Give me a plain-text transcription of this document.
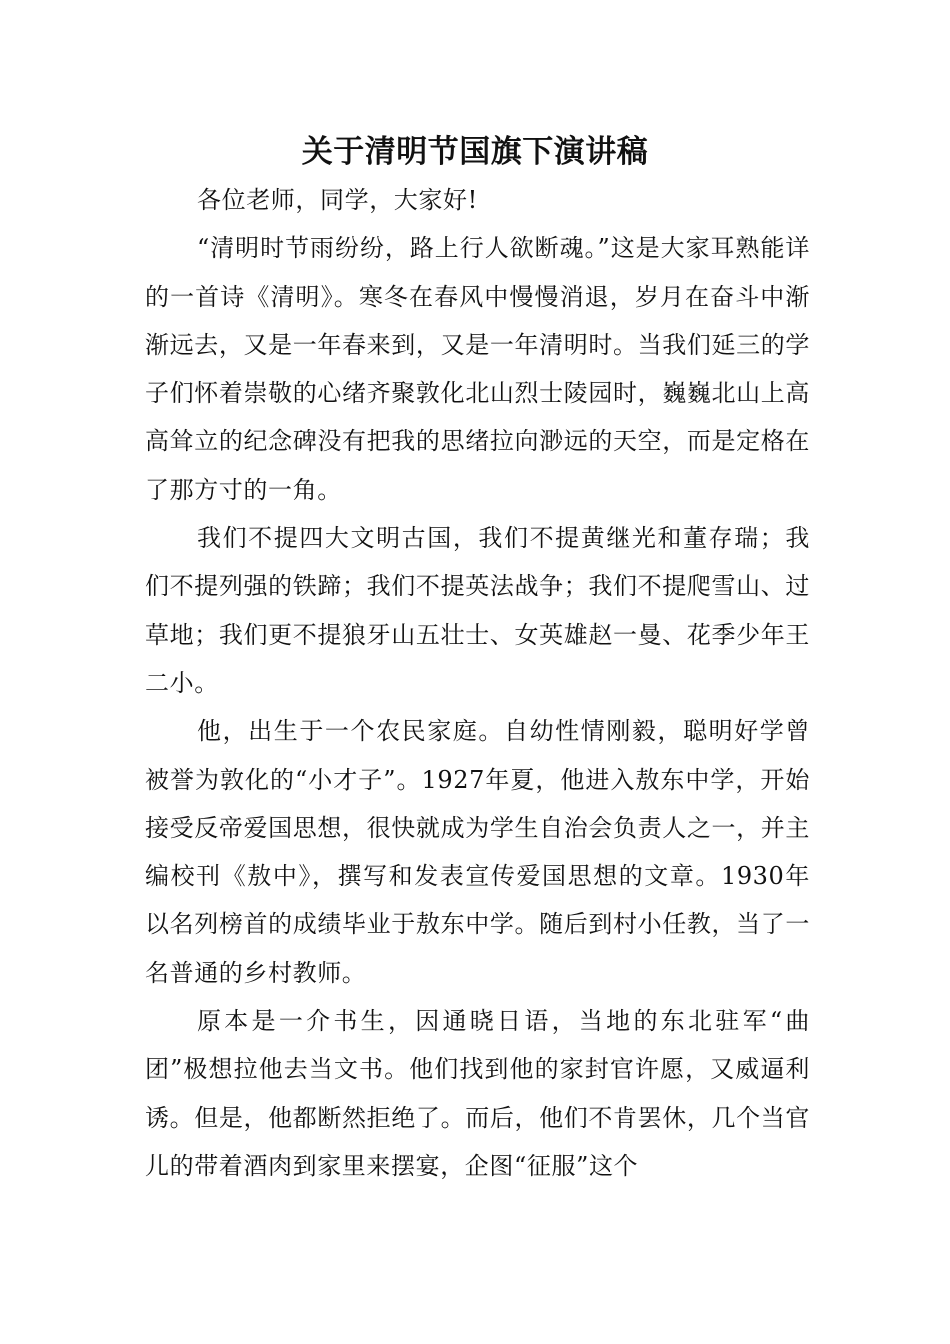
关于清明节国旗下演讲稿

各位老师，同学，大家好!

“清明时节雨纷纷，路上行人欲断魂。”这是大家耳熟能详的一首诗《清明》。寒冬在春风中慢慢消退，岁月在奋斗中渐渐远去，又是一年春来到，又是一年清明时。当我们延三的学子们怀着崇敬的心绪齐聚敦化北山烈士陵园时，巍巍北山上高高耸立的纪念碑没有把我的思绪拉向渺远的天空，而是定格在了那方寸的一角。

我们不提四大文明古国，我们不提黄继光和董存瑞；我们不提列强的铁蹄；我们不提英法战争；我们不提爬雪山、过草地；我们更不提狼牙山五壮士、女英雄赵一曼、花季少年王二小。

他，出生于一个农民家庭。自幼性情刚毅，聪明好学曾被誉为敦化的“小才子”。1927年夏，他进入敖东中学，开始接受反帝爱国思想，很快就成为学生自治会负责人之一，并主编校刊《敖中》，撰写和发表宣传爱国思想的文章。1930年以名列榜首的成绩毕业于敖东中学。随后到村小任教，当了一名普通的乡村教师。

原本是一介书生，因通晓日语，当地的东北驻军“曲团”极想拉他去当文书。他们找到他的家封官许愿，又威逼利诱。但是，他都断然拒绝了。而后，他们不肯罢休，几个当官儿的带着酒肉到家里来摆宴，企图“征服”这个
